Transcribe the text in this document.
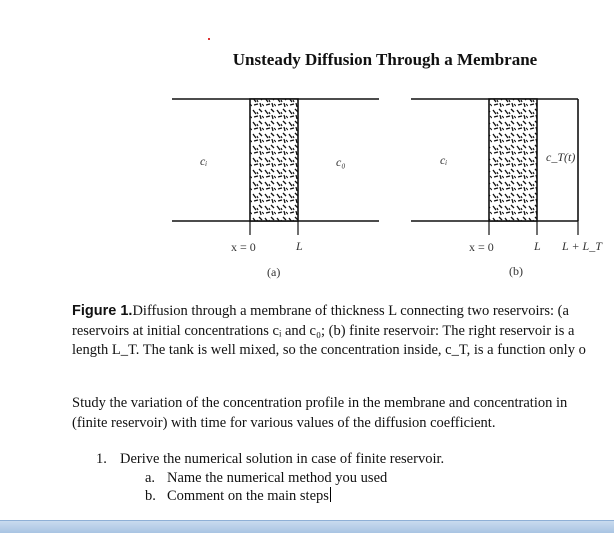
Unsteady Diffusion Through a Membrane
cᵢ	c₀	cᵢ	c_T(t)
L	L L + L_T
x = 0	x = 0
(a)	(b)
Figure 1.Diffusion through a membrane of thickness L connecting two reservoirs: (a
reservoirs at initial concentrations cᵢ and c₀; (b) finite reservoir: The right reservoir is a
length L_T. The tank is well mixed, so the concentration inside, c_T, is a function only o
Study the variation of the concentration profile in the membrane and concentration in
(finite reservoir) with time for various values of the diffusion coefficient.
1. Derive the numerical solution in case of finite reservoir.
a. Name the numerical method you used
b. Comment on the main steps
